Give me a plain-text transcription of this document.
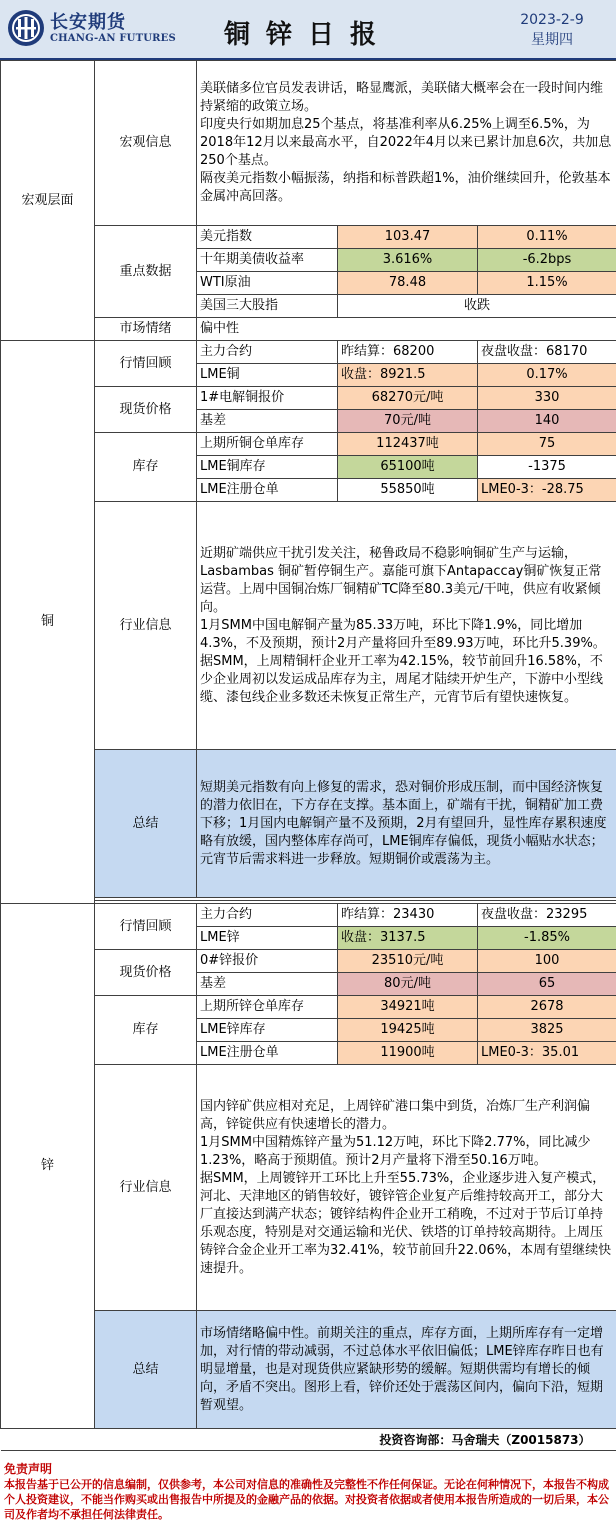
长安期货
CHANG-AN FUTURES	铜锌日报	2023-2-9
星期四
宏观层面	宏观信息	美联储多位官员发表讲话，略显鹰派，美联储大概率会在一段时间内维持紧缩的政策立场。
印度央行如期加息25个基点，将基准利率从6.25%上调至6.5%，为2018年12月以来最高水平，自2022年4月以来已累计加息6次，共加息250个基点。
隔夜美元指数小幅振荡，纳指和标普跌超1%，油价继续回升，伦敦基本金属冲高回落。		

	重点数据	美元指数	103.47	0.11%
		十年期美债收益率	3.616%	-6.2bps
		WTI原油	78.48	1.15%
		美国三大股指	收跌	
	市场情绪	偏中性		
铜	行情回顾	主力合约	昨结算：68200	夜盘收盘：68170
		LME铜	收盘：8921.5	0.17%
	现货价格	1#电解铜报价	68270元/吨	330
		基差	70元/吨	140
	库存	上期所铜仓单库存	112437吨	75
		LME铜库存	65100吨	-1375
		LME注册仓单	55850吨	LME0-3：-28.75
	行业信息	近期矿端供应干扰引发关注，秘鲁政局不稳影响铜矿生产与运输，Lasbambas 铜矿暂停铜生产。嘉能可旗下Antapaccay铜矿恢复正常运营。上周中国铜冶炼厂铜精矿TC降至80.3美元/干吨，供应有收紧倾向。
1月SMM中国电解铜产量为85.33万吨，环比下降1.9%，同比增加4.3%，不及预期，预计2月产量将回升至89.93万吨，环比升5.39%。
据SMM，上周精铜杆企业开工率为42.15%，较节前回升16.58%，不少企业周初以发运成品库存为主，周尾才陆续开炉生产，下游中小型线缆、漆包线企业多数还未恢复正常生产，元宵节后有望快速恢复。		

	总结	短期美元指数有向上修复的需求，恐对铜价形成压制，而中国经济恢复的潜力依旧在，下方存在支撑。基本面上，矿端有干扰，铜精矿加工费下移；1月国内电解铜产量不及预期，2月有望回升，显性库存累积速度略有放缓，国内整体库存尚可，LME铜库存偏低，现货小幅贴水状态；元宵节后需求料进一步释放。短期铜价或震荡为主。		

锌	行情回顾	主力合约	昨结算：23430	夜盘收盘：23295
		LME锌	收盘：3137.5	-1.85%
	现货价格	0#锌报价	23510元/吨	100
		基差	80元/吨	65
	库存	上期所锌仓单库存	34921吨	2678
		LME锌库存	19425吨	3825
		LME注册仓单	11900吨	LME0-3：35.01
	行业信息	国内锌矿供应相对充足，上周锌矿港口集中到货，冶炼厂生产利润偏高，锌锭供应有快速增长的潜力。
1月SMM中国精炼锌产量为51.12万吨，环比下降2.77%，同比减少1.23%，略高于预期值。预计2月产量将下滑至50.16万吨。
据SMM，上周镀锌开工环比上升至55.73%，企业逐步进入复产模式，河北、天津地区的销售较好，镀锌管企业复产后维持较高开工，部分大厂直接达到满产状态；镀锌结构件企业开工稍晚，不过对于节后订单持乐观态度，特别是对交通运输和光伏、铁塔的订单持较高期待。上周压铸锌合金企业开工率为32.41%，较节前回升22.06%，本周有望继续快速提升。		

	总结	市场情绪略偏中性。前期关注的重点，库存方面，上期所库存有一定增加，对行情的带动减弱，不过总体水平依旧偏低；LME锌库存昨日也有明显增量，也是对现货供应紧缺形势的缓解。短期供需均有增长的倾向，矛盾不突出。图形上看，锌价还处于震荡区间内，偏向下沿，短期暂观望。		
投资咨询部：马舍瑞夫（Z0015873）				
免责声明
本报告基于已公开的信息编制，仅供参考，本公司对信息的准确性及完整性不作任何保证。无论在何种情况下，本报告不构成个人投资建议，不能当作购买或出售报告中所提及的金融产品的依据。对投资者依据或者使用本报告所造成的一切后果，本公司及作者均不承担任何法律责任。
